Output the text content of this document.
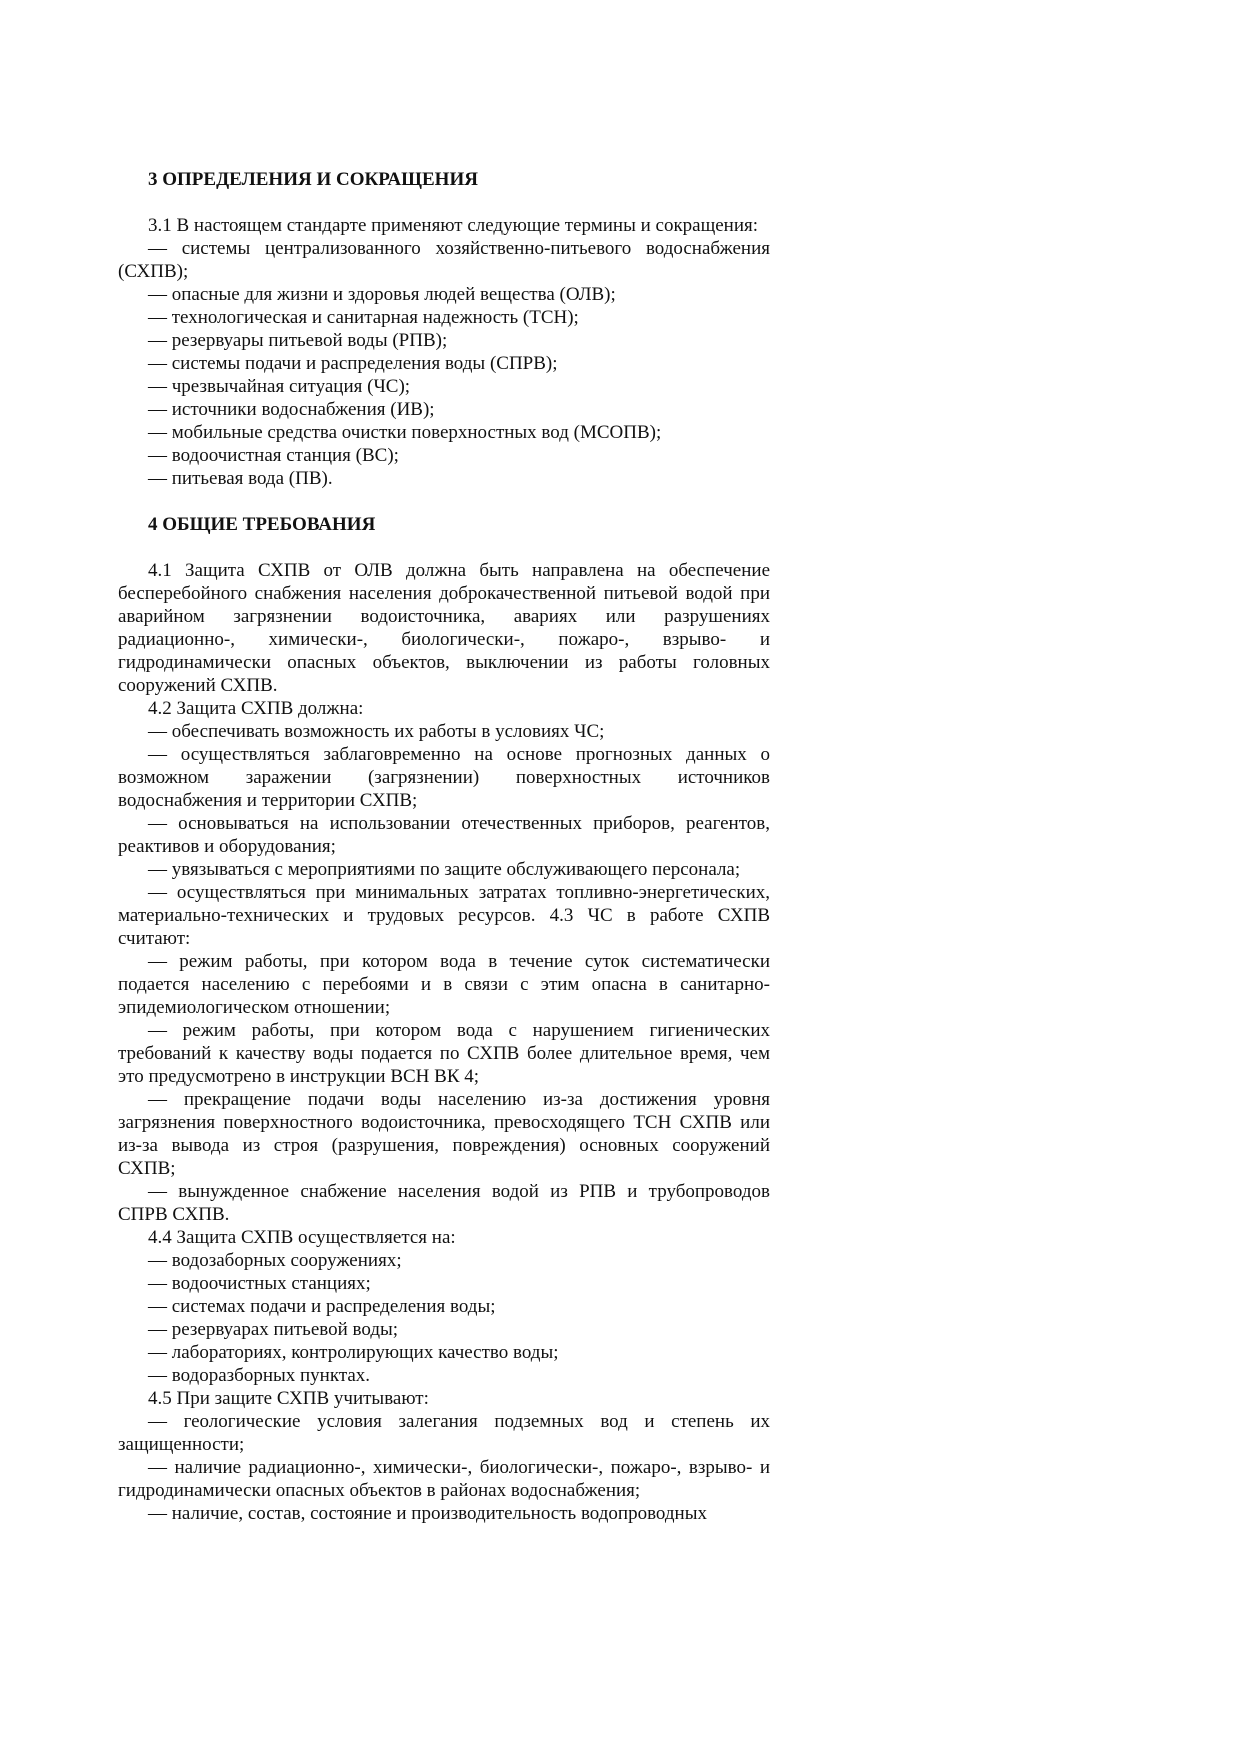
3 ОПРЕДЕЛЕНИЯ И СОКРАЩЕНИЯ

3.1 В настоящем стандарте применяют следующие термины и сокращения:

— системы централизованного хозяйственно-питьевого водоснабжения (СХПВ);

— опасные для жизни и здоровья людей вещества (ОЛВ);

— технологическая и санитарная надежность (ТСН);

— резервуары питьевой воды (РПВ);

— системы подачи и распределения воды (СПРВ);

— чрезвычайная ситуация (ЧС);

— источники водоснабжения (ИВ);

— мобильные средства очистки поверхностных вод (МСОПВ);

— водоочистная станция (ВС);

— питьевая вода (ПВ).

4 ОБЩИЕ ТРЕБОВАНИЯ

4.1 Защита СХПВ от ОЛВ должна быть направлена на обеспечение бесперебойного снабжения населения доброкачественной питьевой водой при аварийном загрязнении водоисточника, авариях или разрушениях радиационно-, химически-, биологически-, пожаро-, взрыво- и гидродинамически опасных объектов, выключении из работы головных сооружений СХПВ.

4.2 Защита СХПВ должна:

— обеспечивать возможность их работы в условиях ЧС;

— осуществляться заблаговременно на основе прогнозных данных о возможном заражении (загрязнении) поверхностных источников водоснабжения и территории СХПВ;

— основываться на использовании отечественных приборов, реагентов, реактивов и оборудования;

— увязываться с мероприятиями по защите обслуживающего персонала;

— осуществляться при минимальных затратах топливно-энергетических, материально-технических и трудовых ресурсов. 4.3 ЧС в работе СХПВ считают:

— режим работы, при котором вода в течение суток систематически подается населению с перебоями и в связи с этим опасна в санитарно-эпидемиологическом отношении;

— режим работы, при котором вода с нарушением гигиенических требований к качеству воды подается по СХПВ более длительное время, чем это предусмотрено в инструкции ВСН ВК 4;

— прекращение подачи воды населению из-за достижения уровня загрязнения поверхностного водоисточника, превосходящего ТСН СХПВ или из-за вывода из строя (разрушения, повреждения) основных сооружений СХПВ;

— вынужденное снабжение населения водой из РПВ и трубопроводов СПРВ СХПВ.

4.4 Защита СХПВ осуществляется на:

— водозаборных сооружениях;

— водоочистных станциях;

— системах подачи и распределения воды;

— резервуарах питьевой воды;

— лабораториях, контролирующих качество воды;

— водоразборных пунктах.

4.5 При защите СХПВ учитывают:

— геологические условия залегания подземных вод и степень их защищенности;

— наличие радиационно-, химически-, биологически-, пожаро-, взрыво- и гидродинамически опасных объектов в районах водоснабжения;

— наличие, состав, состояние и производительность водопроводных
